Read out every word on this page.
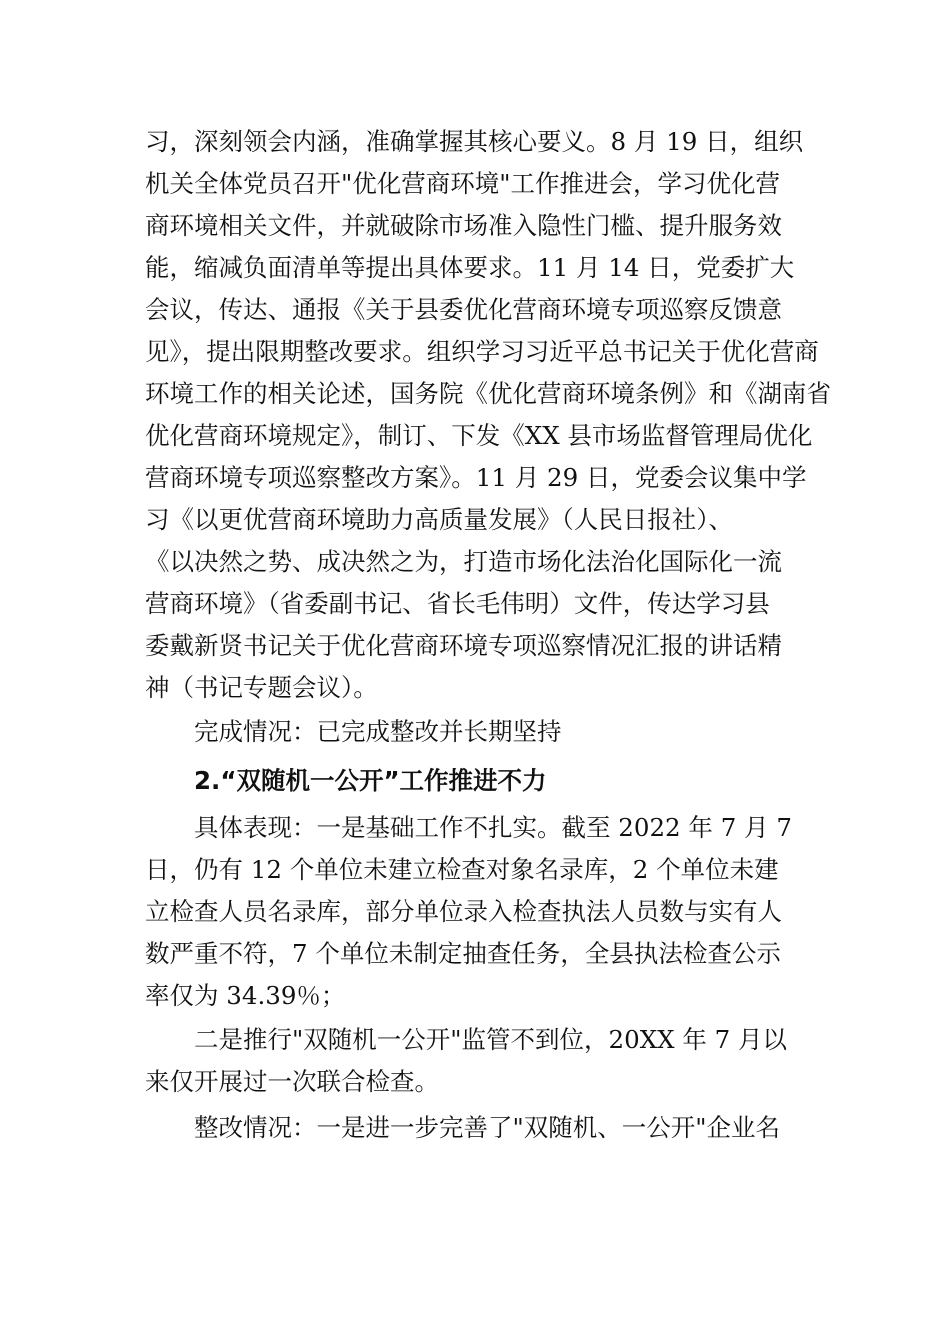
习，深刻领会内涵，准确掌握其核心要义。8 月 19 日，组织
机关全体党员召开"优化营商环境"工作推进会，学习优化营
商环境相关文件，并就破除市场准入隐性门槛、提升服务效
能，缩减负面清单等提出具体要求。11 月 14 日，党委扩大
会议，传达、通报《关于县委优化营商环境专项巡察反馈意
见》，提出限期整改要求。组织学习习近平总书记关于优化营商
环境工作的相关论述，国务院《优化营商环境条例》和《湖南省
优化营商环境规定》，制订、下发《XX 县市场监督管理局优化
营商环境专项巡察整改方案》。11 月 29 日，党委会议集中学
习《以更优营商环境助力高质量发展》（人民日报社）、
《以决然之势、成决然之为，打造市场化法治化国际化一流
营商环境》（省委副书记、省长毛伟明）文件，传达学习县
委戴新贤书记关于优化营商环境专项巡察情况汇报的讲话精
神（书记专题会议）。
完成情况：已完成整改并长期坚持
2.“双随机一公开”工作推进不力
具体表现：一是基础工作不扎实。截至 2022 年 7 月 7
日，仍有 12 个单位未建立检查对象名录库，2 个单位未建
立检查人员名录库，部分单位录入检查执法人员数与实有人
数严重不符，7 个单位未制定抽查任务，全县执法检查公示
率仅为 34.39％；
二是推行"双随机一公开"监管不到位，20XX 年 7 月以
来仅开展过一次联合检查。
整改情况：一是进一步完善了"双随机、一公开"企业名
